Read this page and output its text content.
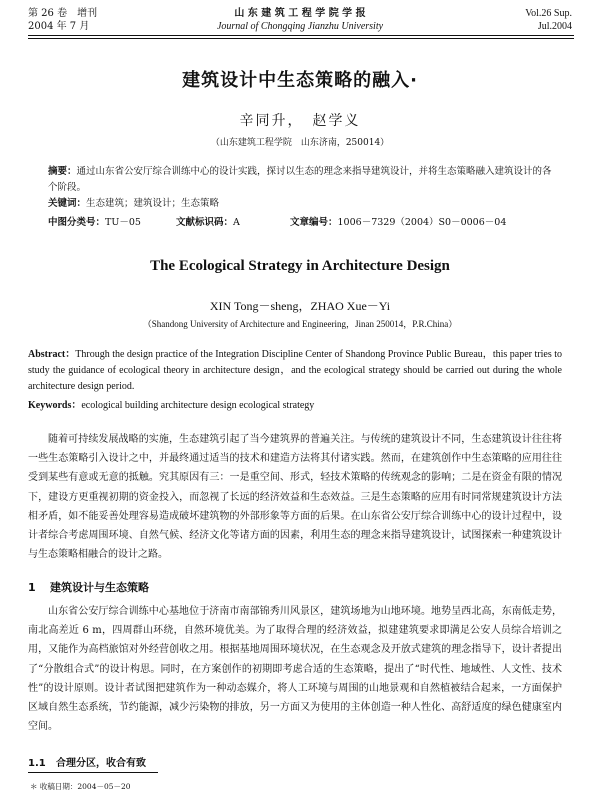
第 26 卷　增刊
2004 年 7 月
山 东 建 筑 工 程 学 院 学 报
Journal of Chongqing Jianzhu University
Vol.26 Sup.
Jul.2004
建筑设计中生态策略的融入·
辛同升，　赵学义
（山东建筑工程学院　山东济南，250014）
摘要：通过山东省公安厅综合训练中心的设计实践，探讨以生态的理念来指导建筑设计，并将生态策略融入建筑设计的各个阶段。
关键词：生态建筑；建筑设计；生态策略
中图分类号：TU－05	文献标识码：A	文章编号：1006－7329（2004）S0－0006－04
The Ecological Strategy in Architecture Design
XIN Tong－sheng，ZHAO Xue－Yi
（Shandong University of Architecture and Engineering，Jinan 250014，P.R.China）
Abstract：Through the design practice of the Integration Discipline Center of Shandong Province Public Bureau，this paper tries to study the guidance of ecological theory in architecture design，and the ecological strategy should be carried out during the whole architecture design period.
Keywords：ecological building architecture design ecological strategy
随着可持续发展战略的实施，生态建筑引起了当今建筑界的普遍关注。与传统的建筑设计不同，生态建筑设计往往将一些生态策略引入设计之中，并最终通过适当的技术和建造方法将其付诸实践。然而，在建筑创作中生态策略的应用往往受到某些有意或无意的抵触。究其原因有三：一是重空间、形式，轻技术策略的传统观念的影响；二是在资金有限的情况下，建设方更重视初期的资金投入，而忽视了长远的经济效益和生态效益。三是生态策略的应用有时同常规建筑设计方法相矛盾，如不能妥善处理容易造成破坏建筑物的外部形象等方面的后果。在山东省公安厅综合训练中心的设计过程中，设计者综合考虑周围环境、自然气候、经济文化等诸方面的因素，利用生态的理念来指导建筑设计，试图探索一种建筑设计与生态策略相融合的设计之路。
1 建筑设计与生态策略
山东省公安厅综合训练中心基地位于济南市南部锦秀川风景区，建筑场地为山地环境。地势呈西北高，东南低走势，南北高差近 6 m，四周群山环绕，自然环境优美。为了取得合理的经济效益，拟建建筑要求即满足公安人员综合培训之用，又能作为高档旅馆对外经营创收之用。根据基地周围环境状况，在生态观念及开放式建筑的理念指导下，设计者提出了“分散组合式”的设计构思。同时，在方案创作的初期即考虑合适的生态策略，提出了“时代性、地域性、人文性、技术性”的设计原则。设计者试图把建筑作为一种动态媒介，将人工环境与周围的山地景观和自然植被结合起来，一方面保护区域自然生态系统，节约能源，减少污染物的排放，另一方面又为使用的主体创造一种人性化、高舒适度的绿色健康室内空间。
1.1 合理分区，收合有致
＊ 收稿日期：2004－05－20
